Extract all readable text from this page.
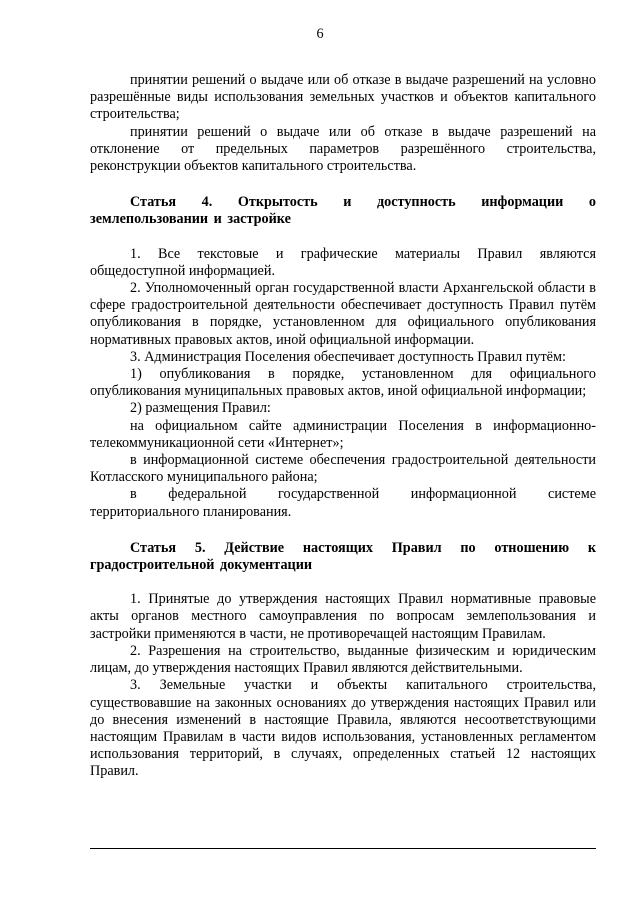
6

принятии решений о выдаче или об отказе в выдаче разрешений на условно разрешённые виды использования земельных участков и объектов капитального строительства;

принятии решений о выдаче или об отказе в выдаче разрешений на отклонение от предельных параметров разрешённого строительства, реконструкции объектов капитального строительства.

Статья 4. Открытость и доступность информации о землепользовании и застройке

1. Все текстовые и графические материалы Правил являются общедоступной информацией.

2. Уполномоченный орган государственной власти Архангельской области в сфере градостроительной деятельности обеспечивает доступность Правил путём опубликования в порядке, установленном для официального опубликования нормативных правовых актов, иной официальной информации.

3. Администрация Поселения обеспечивает доступность Правил путём:

1) опубликования в порядке, установленном для официального опубликования муниципальных правовых актов, иной официальной информации;

2) размещения Правил:

на официальном сайте администрации Поселения в информационно-телекоммуникационной сети «Интернет»;

в информационной системе обеспечения градостроительной деятельности Котласского муниципального района;

в федеральной государственной информационной системе территориального планирования.

Статья 5. Действие настоящих Правил по отношению к градостроительной документации

1. Принятые до утверждения настоящих Правил нормативные правовые акты органов местного самоуправления по вопросам землепользования и застройки применяются в части, не противоречащей настоящим Правилам.

2. Разрешения на строительство, выданные физическим и юридическим лицам, до утверждения настоящих Правил являются действительными.

3. Земельные участки и объекты капитального строительства, существовавшие на законных основаниях до утверждения настоящих Правил или до внесения изменений в настоящие Правила, являются несоответствующими настоящим Правилам в части видов использования, установленных регламентом использования территорий, в случаях, определенных статьей 12 настоящих Правил.
